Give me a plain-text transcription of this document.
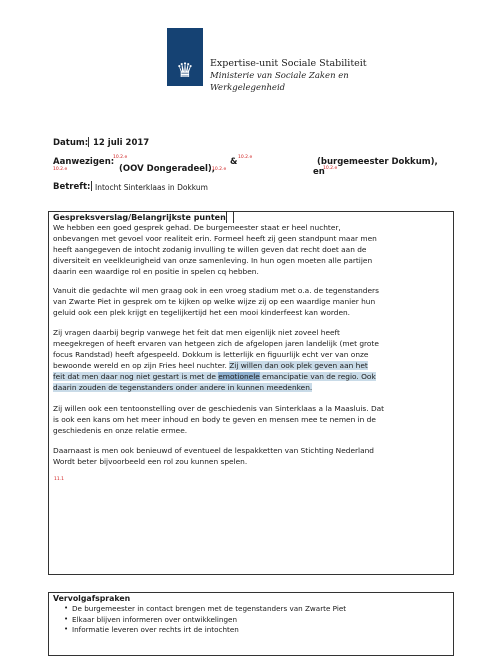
♛	Expertise-unit Sociale Stabiliteit
Ministerie van Sociale Zaken en
Werkgelegenheid
Datum: 12 juli 2017
Aanwezigen:
10.2.e
10.2.e	(OOV Dongeradeel),
& 10.2.e
10.2.e
(burgemeester Dokkum),
en
10.2.e
Betreft: Intocht Sinterklaas in Dokkum
Gespreksverslag/Belangrijkste punten
We hebben een goed gesprek gehad. De burgemeester staat er heel nuchter,
onbevangen met gevoel voor realiteit erin. Formeel heeft zij geen standpunt maar men
heeft aangegeven de intocht zodanig invulling te willen geven dat recht doet aan de
diversiteit en veelkleurigheid van onze samenleving. In hun ogen moeten alle partijen
daarin een waardige rol en positie in spelen cq hebben.
Vanuit die gedachte wil men graag ook in een vroeg stadium met o.a. de tegenstanders
van Zwarte Piet in gesprek om te kijken op welke wijze zij op een waardige manier hun
geluid ook een plek krijgt en tegelijkertijd het een mooi kinderfeest kan worden.
Zij vragen daarbij begrip vanwege het feit dat men eigenlijk niet zoveel heeft
meegekregen of heeft ervaren van hetgeen zich de afgelopen jaren landelijk (met grote
focus Randstad) heeft afgespeeld. Dokkum is letterlijk en figuurlijk echt ver van onze
bewoonde wereld en op zijn Fries heel nuchter. Zij willen dan ook plek geven aan het
feit dat men daar nog niet gestart is met de emotionele emancipatie van de regio. Ook
daarin zouden de tegenstanders onder andere in kunnen meedenken.
Zij willen ook een tentoonstelling over de geschiedenis van Sinterklaas a la Maasluis. Dat
is ook een kans om het meer inhoud en body te geven en mensen mee te nemen in de
geschiedenis en onze relatie ermee.
Daarnaast is men ook benieuwd of eventueel de lespakketten van Stichting Nederland
Wordt beter bijvoorbeeld een rol zou kunnen spelen.
11.1
Vervolgafspraken
• De burgemeester in contact brengen met de tegenstanders van Zwarte Piet
• Elkaar blijven informeren over ontwikkelingen
• Informatie leveren over rechts irt de intochten
